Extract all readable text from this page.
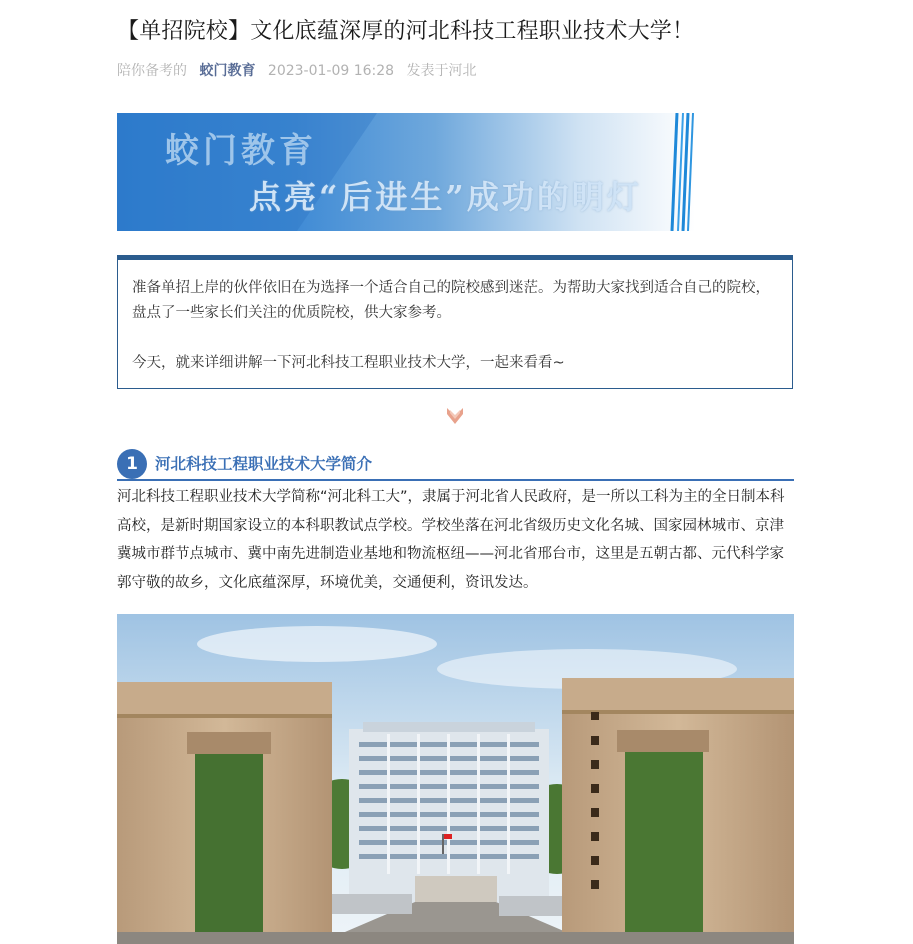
【单招院校】文化底蕴深厚的河北科技工程职业技术大学！
陪你备考的 蛟门教育 2023-01-09 16:28 发表于河北
蛟门教育
点亮“后进生”成功的明灯

准备单招上岸的伙伴依旧在为选择一个适合自己的院校感到迷茫。为帮助大家找到适合自己的院校，盘点了一些家长们关注的优质院校，供大家参考。

今天，就来详细讲解一下河北科技工程职业技术大学，一起来看看~

1	河北科技工程职业技术大学简介

河北科技工程职业技术大学简称“河北科工大”，隶属于河北省人民政府，是一所以工科为主的全日制本科高校，是新时期国家设立的本科职教试点学校。学校坐落在河北省级历史文化名城、国家园林城市、京津冀城市群节点城市、冀中南先进制造业基地和物流枢纽——河北省邢台市，这里是五朝古都、元代科学家郭守敬的故乡，文化底蕴深厚，环境优美，交通便利，资讯发达。
